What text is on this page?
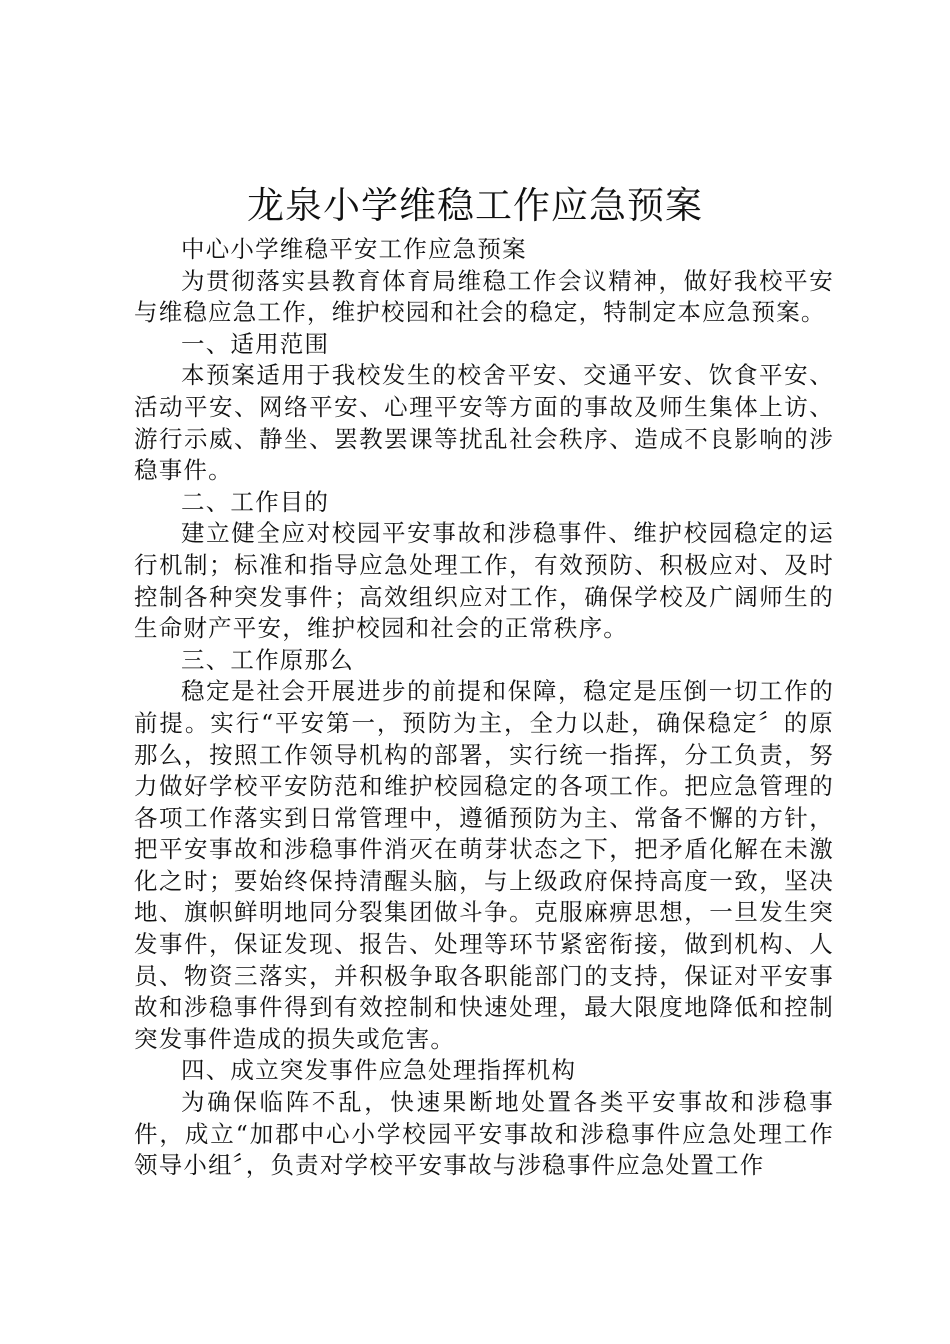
龙泉小学维稳工作应急预案

中心小学维稳平安工作应急预案

为贯彻落实县教育体育局维稳工作会议精神，做好我校平安与维稳应急工作，维护校园和社会的稳定，特制定本应急预案。

一、适用范围

本预案适用于我校发生的校舍平安、交通平安、饮食平安、活动平安、网络平安、心理平安等方面的事故及师生集体上访、游行示威、静坐、罢教罢课等扰乱社会秩序、造成不良影响的涉稳事件。

二、工作目的

建立健全应对校园平安事故和涉稳事件、维护校园稳定的运行机制；标准和指导应急处理工作，有效预防、积极应对、及时控制各种突发事件；高效组织应对工作，确保学校及广阔师生的生命财产平安，维护校园和社会的正常秩序。

三、工作原那么

稳定是社会开展进步的前提和保障，稳定是压倒一切工作的前提。实行“平安第一，预防为主，全力以赴，确保稳定〞的原那么，按照工作领导机构的部署，实行统一指挥，分工负责，努力做好学校平安防范和维护校园稳定的各项工作。把应急管理的各项工作落实到日常管理中，遵循预防为主、常备不懈的方针，把平安事故和涉稳事件消灭在萌芽状态之下，把矛盾化解在未激化之时；要始终保持清醒头脑，与上级政府保持高度一致，坚决地、旗帜鲜明地同分裂集团做斗争。克服麻痹思想，一旦发生突发事件，保证发现、报告、处理等环节紧密衔接，做到机构、人员、物资三落实，并积极争取各职能部门的支持，保证对平安事故和涉稳事件得到有效控制和快速处理，最大限度地降低和控制突发事件造成的损失或危害。

四、成立突发事件应急处理指挥机构

为确保临阵不乱，快速果断地处置各类平安事故和涉稳事件，成立“加郡中心小学校园平安事故和涉稳事件应急处理工作领导小组〞，负责对学校平安事故与涉稳事件应急处置工作
